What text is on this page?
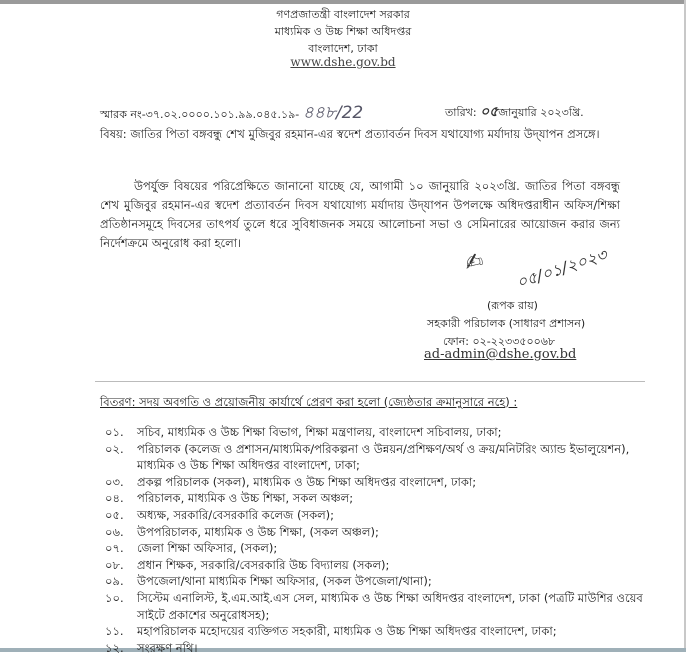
গণপ্রজাতন্ত্রী বাংলাদেশ সরকার
মাধ্যমিক ও উচ্চ শিক্ষা অধিদপ্তর
বাংলাদেশ, ঢাকা
www.dshe.gov.bd
স্মারক নং-৩৭.০২.০০০০.১০১.৯৯.০৪৫.১৯- ৪৪৮/22	তারিখ: ০৫জানুয়ারি ২০২৩খ্রি.
বিষয়: জাতির পিতা বঙ্গবন্ধু শেখ মুজিবুর রহমান-এর স্বদেশ প্রত্যাবর্তন দিবস যথাযোগ্য মর্যাদায় উদ্‌যাপন প্রসঙ্গে।
উপর্যুক্ত বিষয়ের পরিপ্রেক্ষিতে জানানো যাচ্ছে যে, আগামী ১০ জানুয়ারি ২০২৩খ্রি. জাতির পিতা বঙ্গবন্ধু শেখ মুজিবুর রহমান-এর স্বদেশ প্রত্যাবর্তন দিবস যথাযোগ্য মর্যাদায় উদ্‌যাপন উপলক্ষে অধিদপ্তরাধীন অফিস/শিক্ষা প্রতিষ্ঠানসমূহে দিবসের তাৎপর্য তুলে ধরে সুবিধাজনক সময়ে আলোচনা সভা ও সেমিনারের আয়োজন করার জন্য নির্দেশক্রমে অনুরোধ করা হলো।
✍ ০৫/০১/২০২৩
(রূপক রায়)
সহকারী পরিচালক (সাধারণ প্রশাসন)
ফোন: ০২-২২৩৩৫০০৬৮
ad-admin@dshe.gov.bd
বিতরণ: সদয় অবগতি ও প্রয়োজনীয় কার্যার্থে প্রেরণ করা হলো (জ্যেষ্ঠতার ক্রমানুসারে নহে) :
০১.	সচিব, মাধ্যমিক ও উচ্চ শিক্ষা বিভাগ, শিক্ষা মন্ত্রণালয়, বাংলাদেশ সচিবালয়, ঢাকা;
০২.	পরিচালক (কলেজ ও প্রশাসন/মাধ্যমিক/পরিকল্পনা ও উন্নয়ন/প্রশিক্ষণ/অর্থ ও ক্রয়/মনিটরিং অ্যান্ড ইভালুয়েশন), মাধ্যমিক ও উচ্চ শিক্ষা অধিদপ্তর বাংলাদেশ, ঢাকা;
০৩.	প্রকল্প পরিচালক (সকল), মাধ্যমিক ও উচ্চ শিক্ষা অধিদপ্তর বাংলাদেশ, ঢাকা;
০৪.	পরিচালক, মাধ্যমিক ও উচ্চ শিক্ষা, সকল অঞ্চল;
০৫.	অধ্যক্ষ, সরকারি/বেসরকারি কলেজ (সকল);
০৬.	উপপরিচালক, মাধ্যমিক ও উচ্চ শিক্ষা, (সকল অঞ্চল);
০৭.	জেলা শিক্ষা অফিসার, (সকল);
০৮.	প্রধান শিক্ষক, সরকারি/বেসরকারি উচ্চ বিদ্যালয় (সকল);
০৯.	উপজেলা/থানা মাধ্যমিক শিক্ষা অফিসার, (সকল উপজেলা/থানা);
১০.	সিস্টেম এনালিস্ট, ই.এম.আই.এস সেল, মাধ্যমিক ও উচ্চ শিক্ষা অধিদপ্তর বাংলাদেশ, ঢাকা (পত্রটি মাউশির ওয়েব সাইটে প্রকাশের অনুরোধসহ);
১১.	মহাপরিচালক মহোদয়ের ব্যক্তিগত সহকারী, মাধ্যমিক ও উচ্চ শিক্ষা অধিদপ্তর বাংলাদেশ, ঢাকা;
১২.	সংরক্ষণ নথি।
